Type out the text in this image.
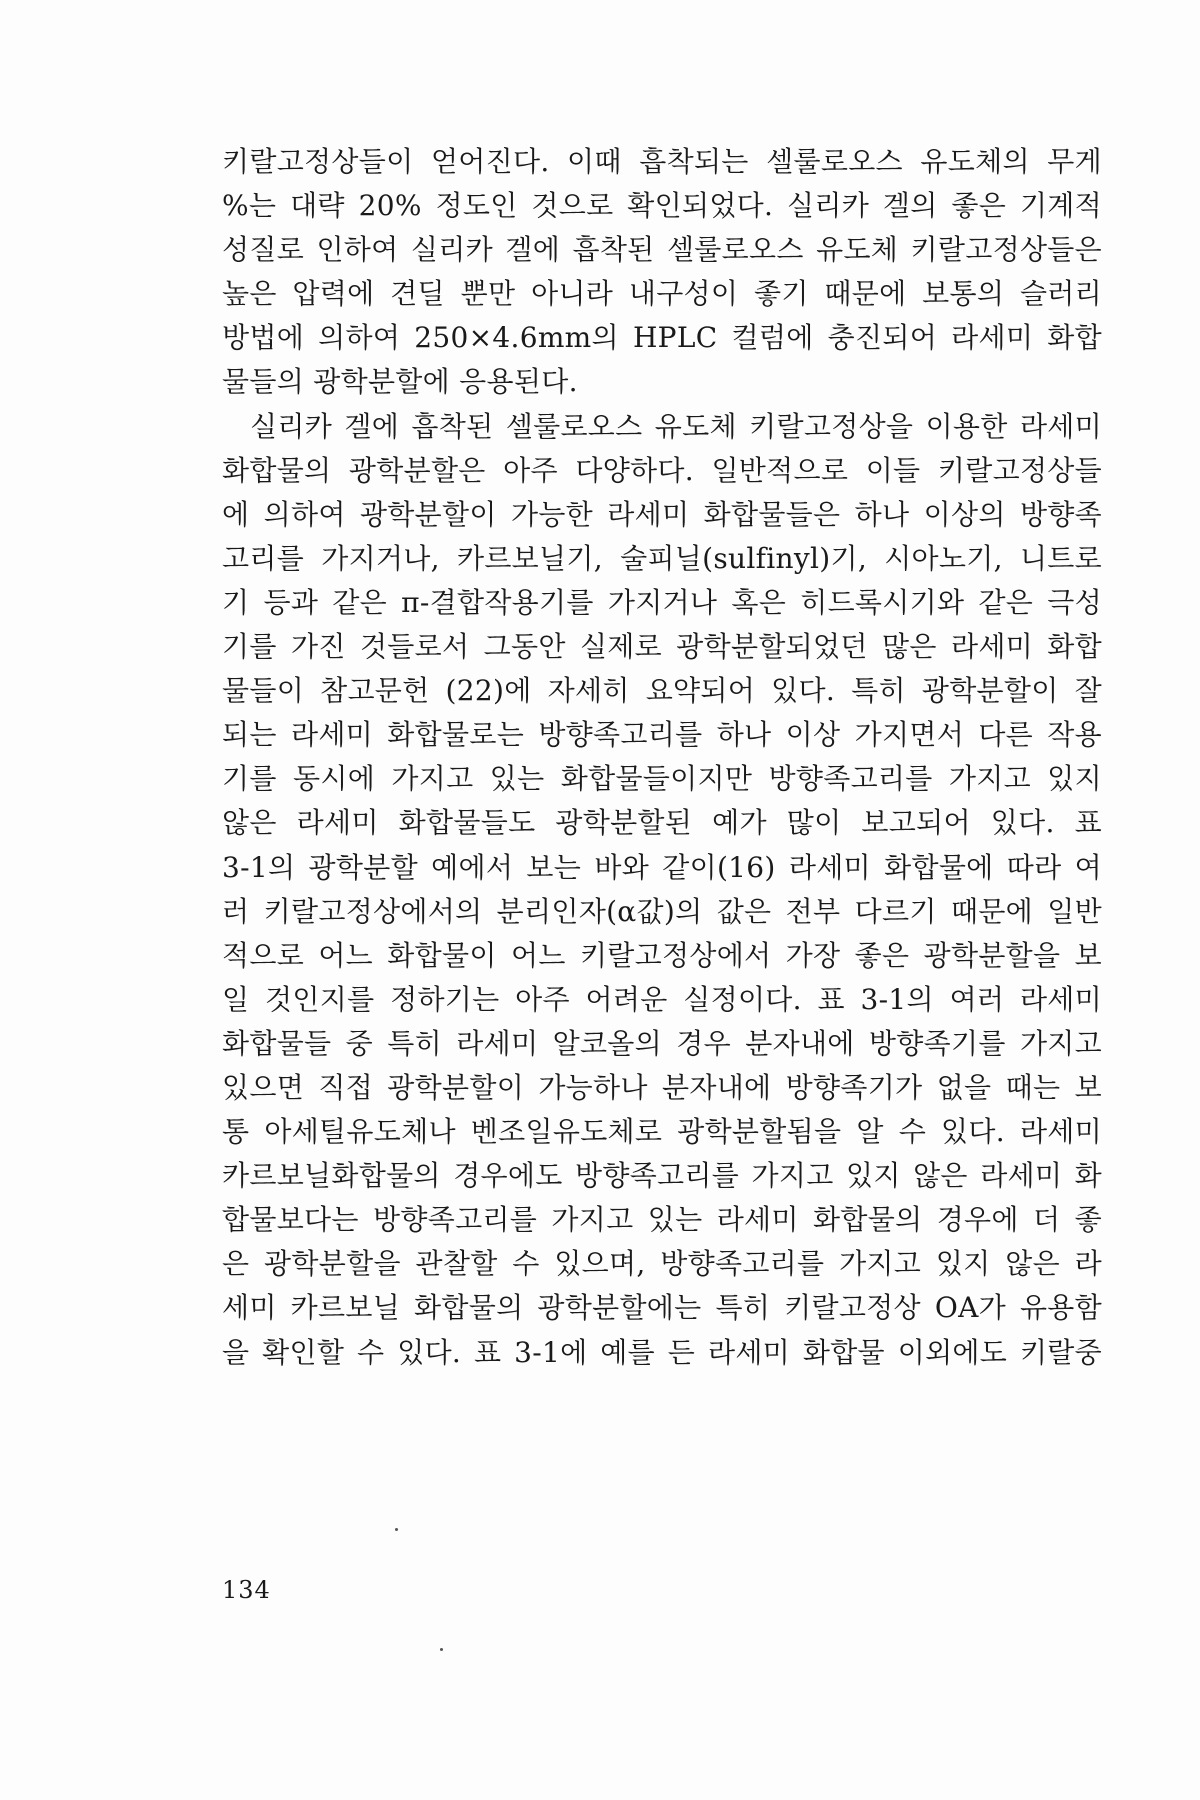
키랄고정상들이 얻어진다. 이때 흡착되는 셀룰로오스 유도체의 무게
%는 대략 20% 정도인 것으로 확인되었다. 실리카 겔의 좋은 기계적
성질로 인하여 실리카 겔에 흡착된 셀룰로오스 유도체 키랄고정상들은
높은 압력에 견딜 뿐만 아니라 내구성이 좋기 때문에 보통의 슬러리
방법에 의하여 250×4.6mm의 HPLC 컬럼에 충진되어 라세미 화합
물들의 광학분할에 응용된다.
실리카 겔에 흡착된 셀룰로오스 유도체 키랄고정상을 이용한 라세미
화합물의 광학분할은 아주 다양하다. 일반적으로 이들 키랄고정상들
에 의하여 광학분할이 가능한 라세미 화합물들은 하나 이상의 방향족
고리를 가지거나, 카르보닐기, 술피닐(sulfinyl)기, 시아노기, 니트로
기 등과 같은 π-결합작용기를 가지거나 혹은 히드록시기와 같은 극성
기를 가진 것들로서 그동안 실제로 광학분할되었던 많은 라세미 화합
물들이 참고문헌 (22)에 자세히 요약되어 있다. 특히 광학분할이 잘
되는 라세미 화합물로는 방향족고리를 하나 이상 가지면서 다른 작용
기를 동시에 가지고 있는 화합물들이지만 방향족고리를 가지고 있지
않은 라세미 화합물들도 광학분할된 예가 많이 보고되어 있다. 표
3-1의 광학분할 예에서 보는 바와 같이(16) 라세미 화합물에 따라 여
러 키랄고정상에서의 분리인자(α값)의 값은 전부 다르기 때문에 일반
적으로 어느 화합물이 어느 키랄고정상에서 가장 좋은 광학분할을 보
일 것인지를 정하기는 아주 어려운 실정이다. 표 3-1의 여러 라세미
화합물들 중 특히 라세미 알코올의 경우 분자내에 방향족기를 가지고
있으면 직접 광학분할이 가능하나 분자내에 방향족기가 없을 때는 보
통 아세틸유도체나 벤조일유도체로 광학분할됨을 알 수 있다. 라세미
카르보닐화합물의 경우에도 방향족고리를 가지고 있지 않은 라세미 화
합물보다는 방향족고리를 가지고 있는 라세미 화합물의 경우에 더 좋
은 광학분할을 관찰할 수 있으며, 방향족고리를 가지고 있지 않은 라
세미 카르보닐 화합물의 광학분할에는 특히 키랄고정상 OA가 유용함
을 확인할 수 있다. 표 3-1에 예를 든 라세미 화합물 이외에도 키랄중
134
